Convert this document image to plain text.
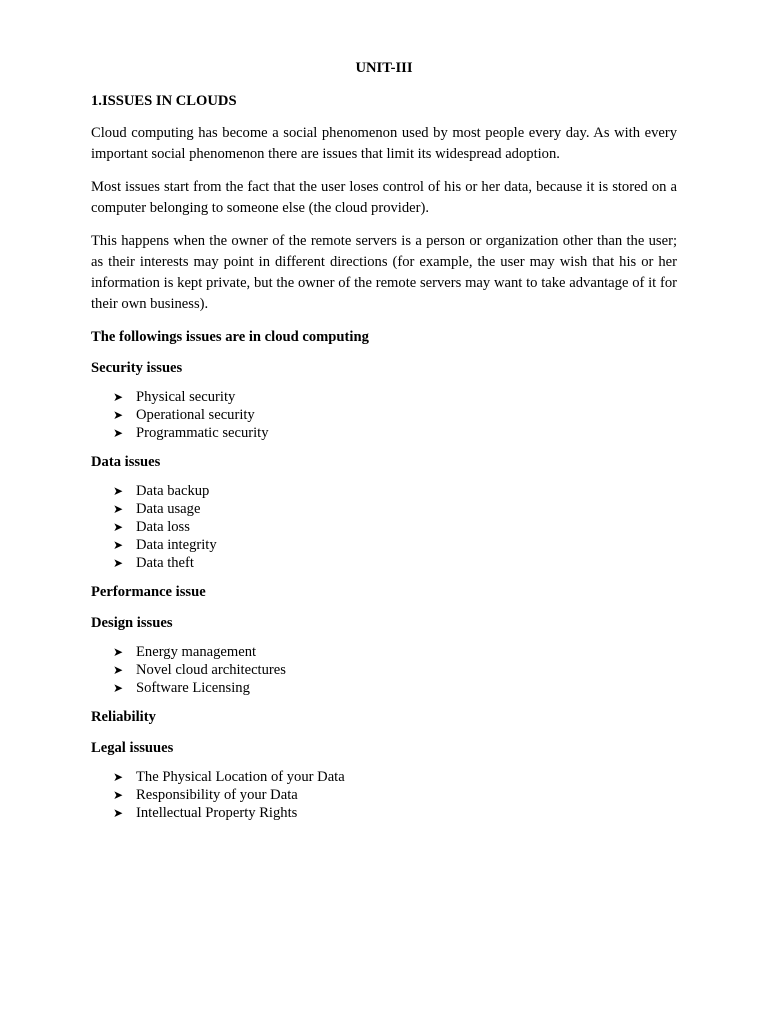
UNIT-III

1.ISSUES IN CLOUDS

Cloud computing has become a social phenomenon used by most people every day. As with every important social phenomenon there are issues that limit its widespread adoption.

Most issues start from the fact that the user loses control of his or her data, because it is stored on a computer belonging to someone else (the cloud provider).

This happens when the owner of the remote servers is a person or organization other than the user; as their interests may point in different directions (for example, the user may wish that his or her information is kept private, but the owner of the remote servers may want to take advantage of it for their own business).

The followings issues are in cloud computing

Security issues

➤ Physical security
➤ Operational security
➤ Programmatic security

Data issues

➤ Data backup
➤ Data usage
➤ Data loss
➤ Data integrity
➤ Data theft

Performance issue

Design issues

➤ Energy management
➤ Novel cloud architectures
➤ Software Licensing

Reliability

Legal issuues

➤ The Physical Location of your Data
➤ Responsibility of your Data
➤ Intellectual Property Rights
